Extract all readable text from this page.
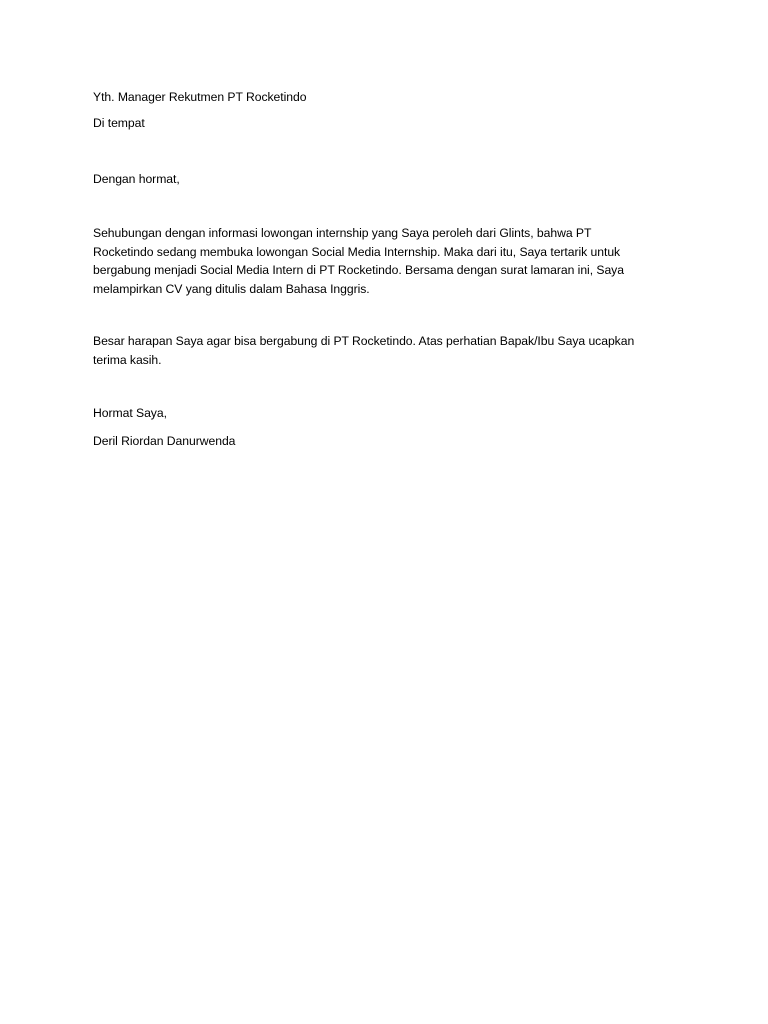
Yth. Manager Rekutmen PT Rocketindo

Di tempat

Dengan hormat,

Sehubungan dengan informasi lowongan internship yang Saya peroleh dari Glints, bahwa PT
Rocketindo sedang membuka lowongan Social Media Internship. Maka dari itu, Saya tertarik untuk
bergabung menjadi Social Media Intern di PT Rocketindo. Bersama dengan surat lamaran ini, Saya
melampirkan CV yang ditulis dalam Bahasa Inggris.

Besar harapan Saya agar bisa bergabung di PT Rocketindo. Atas perhatian Bapak/Ibu Saya ucapkan
terima kasih.

Hormat Saya,

Deril Riordan Danurwenda
